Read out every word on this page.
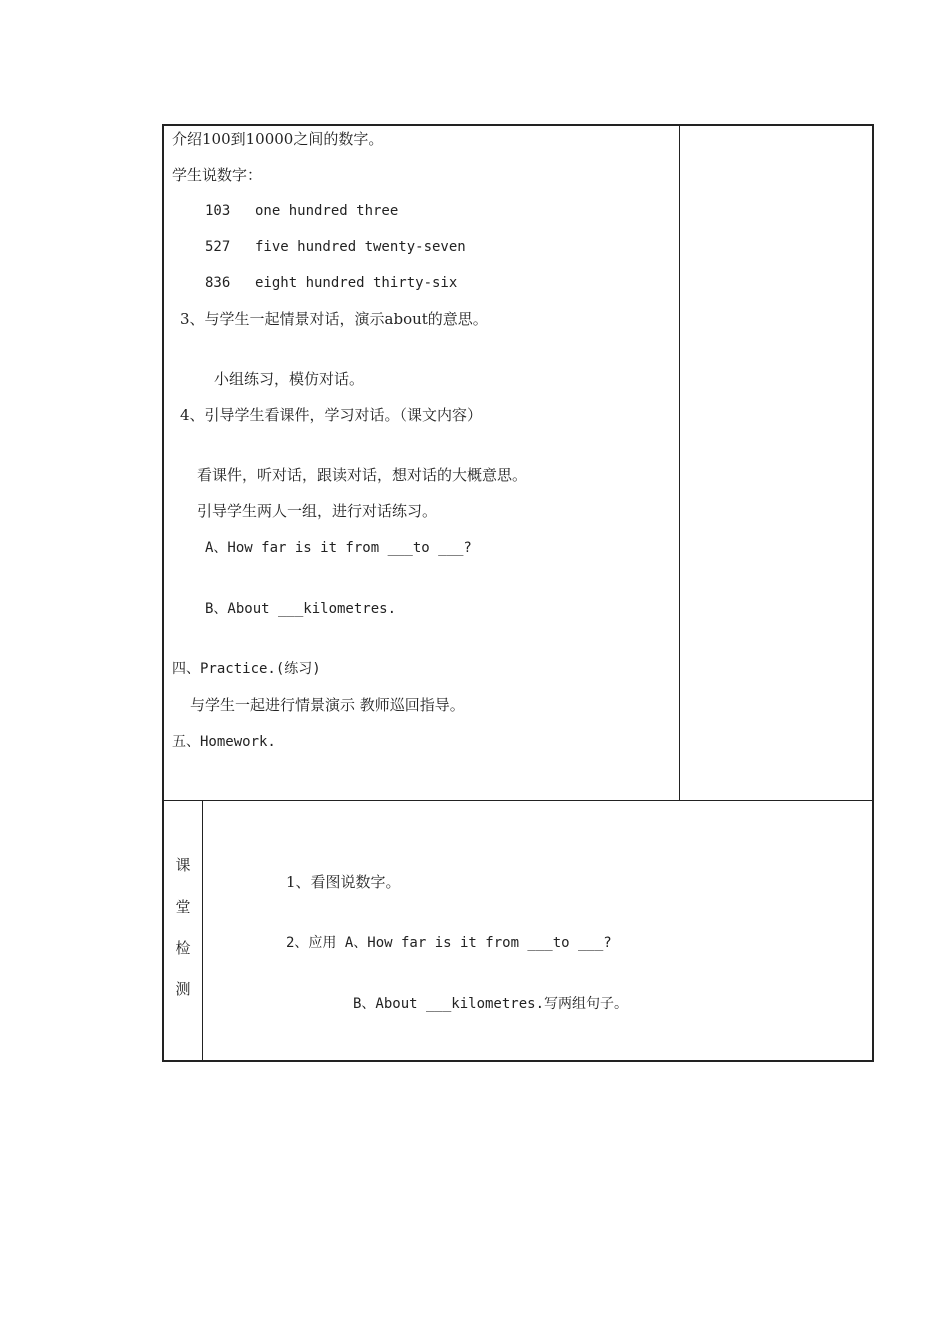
介绍100到10000之间的数字。
学生说数字：
103 one hundred three
527 five hundred twenty-seven
836 eight hundred thirty-six
3、与学生一起情景对话，演示about的意思。
小组练习，模仿对话。
4、引导学生看课件，学习对话。（课文内容）
看课件，听对话，跟读对话，想对话的大概意思。
引导学生两人一组，进行对话练习。
A、How far is it from ___to ___?
B、About ___kilometres.
四、Practice.(练习)
与学生一起进行情景演示 教师巡回指导。
五、Homework.
课
堂
检
测
1、看图说数字。
2、应用 A、How far is it from ___to ___?
B、About ___kilometres.写两组句子。
